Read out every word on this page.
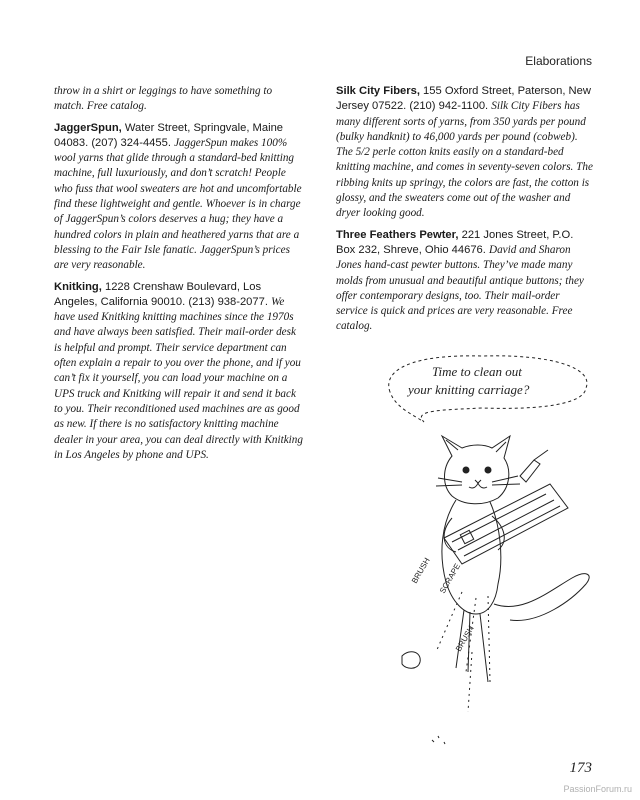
Elaborations

throw in a shirt or leggings to have something to match. Free catalog.

JaggerSpun, Water Street, Springvale, Maine 04083. (207) 324-4455. JaggerSpun makes 100% wool yarns that glide through a standard-bed knitting machine, full luxuriously, and don’t scratch! People who fuss that wool sweaters are hot and uncomfortable find these lightweight and gentle. Whoever is in charge of JaggerSpun’s colors deserves a hug; they have a hundred colors in plain and heathered yarns that are a blessing to the Fair Isle fanatic. JaggerSpun’s prices are very reasonable.

Knitking, 1228 Crenshaw Boulevard, Los Angeles, California 90010. (213) 938-2077. We have used Knitking knitting machines since the 1970s and have always been satisfied. Their mail-order desk is helpful and prompt. Their service department can often explain a repair to you over the phone, and if you can’t fix it yourself, you can load your machine on a UPS truck and Knitking will repair it and send it back to you. Their reconditioned used machines are as good as new. If there is no satisfactory knitting machine dealer in your area, you can deal directly with Knitking in Los Angeles by phone and UPS.

Silk City Fibers, 155 Oxford Street, Paterson, New Jersey 07522. (210) 942-1100. Silk City Fibers has many different sorts of yarns, from 350 yards per pound (bulky handknit) to 46,000 yards per pound (cobweb). The 5/2 perle cotton knits easily on a standard-bed knitting machine, and comes in seventy-seven colors. The ribbing knits up springy, the colors are fast, the cotton is glossy, and the sweaters come out of the washer and dryer looking good.

Three Feathers Pewter, 221 Jones Street, P.O. Box 232, Shreve, Ohio 44676. David and Sharon Jones hand-cast pewter buttons. They’ve made many molds from unusual and beautiful antique buttons; they offer contemporary designs, too. Their mail-order service is quick and prices are very reasonable. Free catalog.

BRUSH SCRAPE
BRUSH
Time to clean out
your knitting carriage?
173
PassionForum.ru
